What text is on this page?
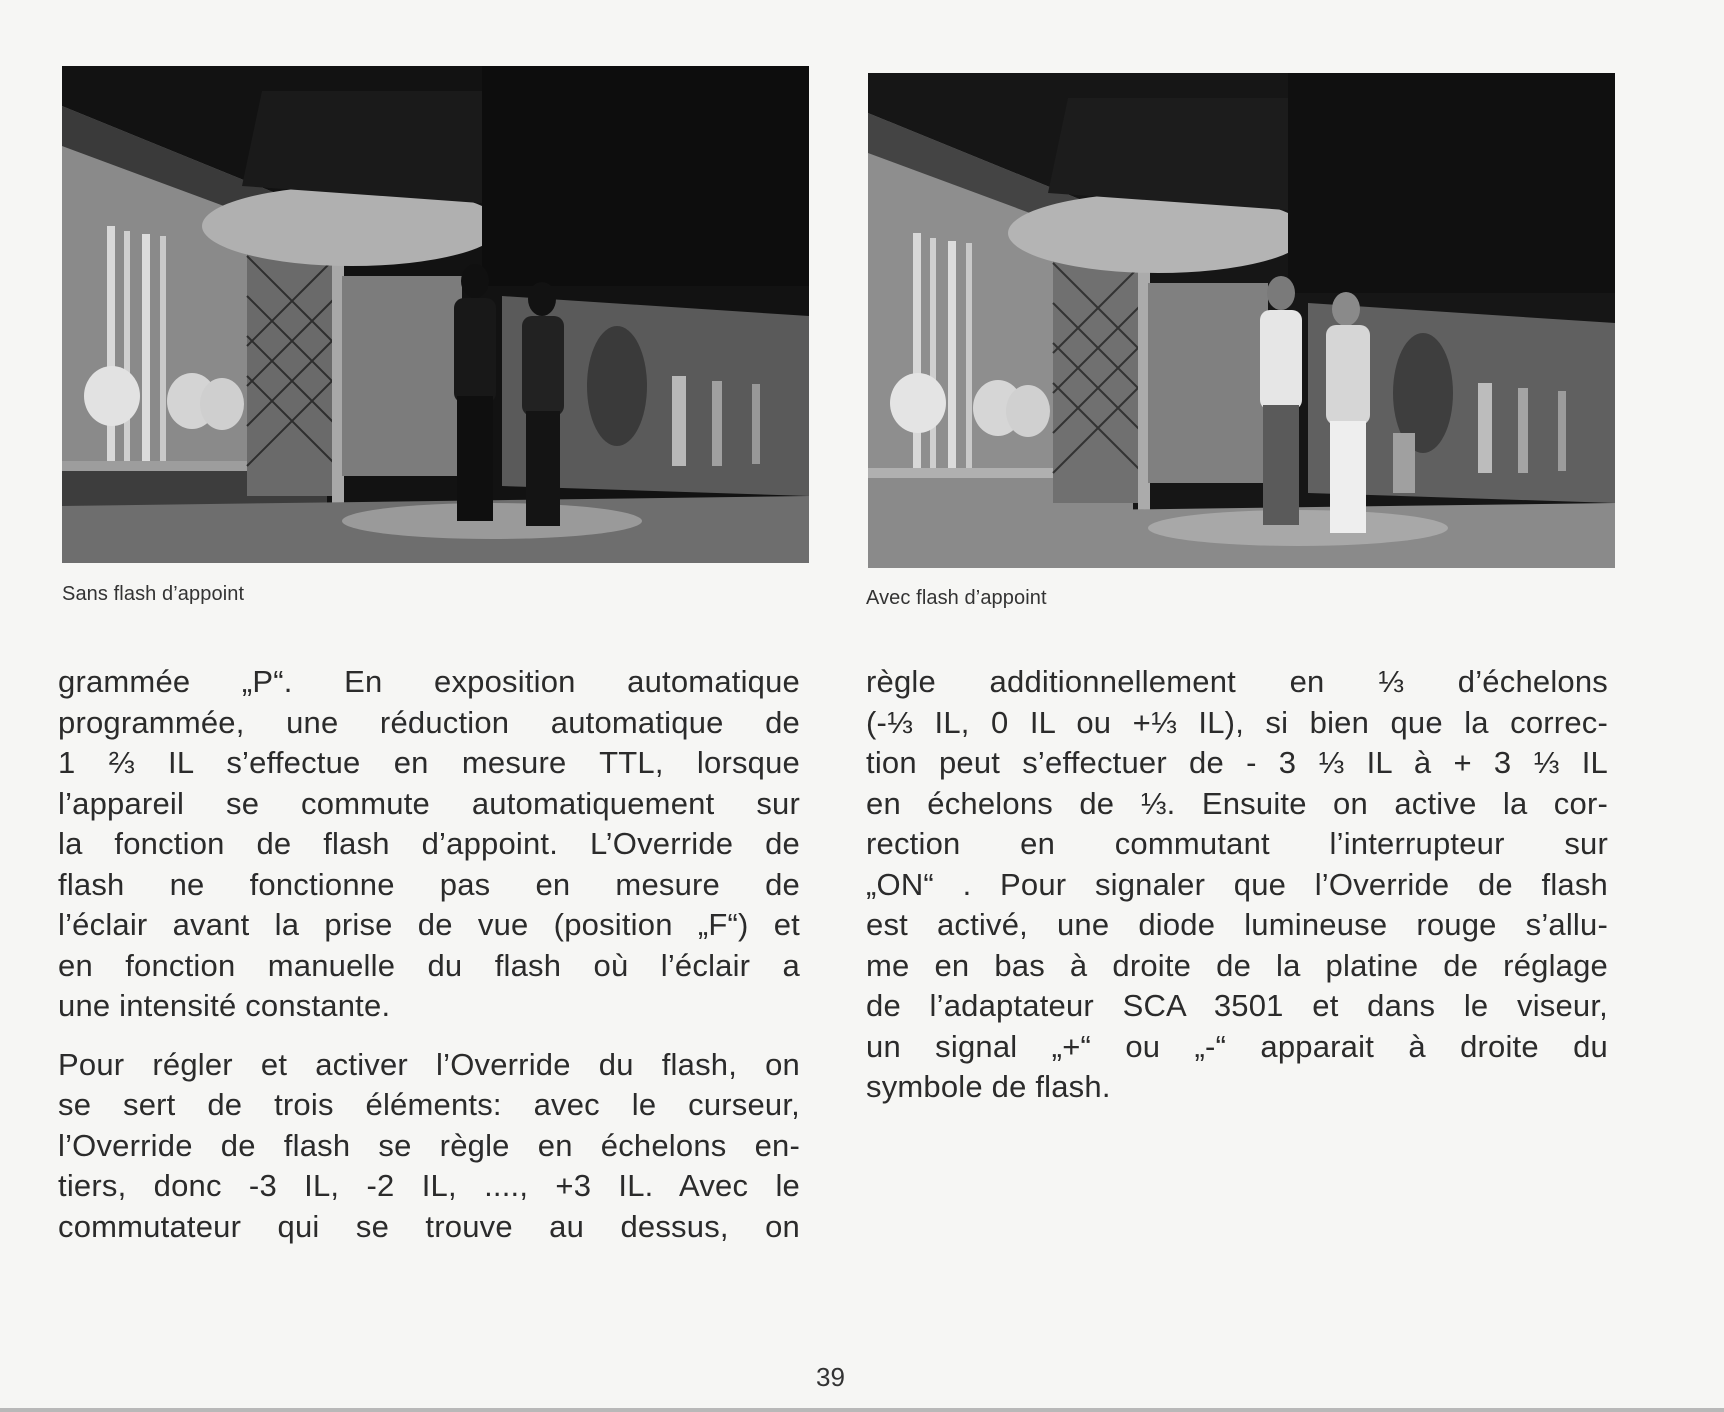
Sans flash d’appoint	Avec flash d’appoint

grammée „P“. En exposition automatique
programmée, une réduction automatique de
1 ⅔ IL s’effectue en mesure TTL, lorsque
l’appareil se commute automatiquement sur
la fonction de flash d’appoint. L’Override de
flash ne fonctionne pas en mesure de
l’éclair avant la prise de vue (position „F“) et
en fonction manuelle du flash où l’éclair a
une intensité constante.

Pour régler et activer l’Override du flash, on
se sert de trois éléments: avec le curseur,
l’Override de flash se règle en échelons en-
tiers, donc -3 IL, -2 IL, ...., +3 IL. Avec le
commutateur qui se trouve au dessus, on

règle additionnellement en ⅓ d’échelons
(-⅓ IL, 0 IL ou +⅓ IL), si bien que la correc-
tion peut s’effectuer de - 3 ⅓ IL à + 3 ⅓ IL
en échelons de ⅓. Ensuite on active la cor-
rection en commutant l’interrupteur sur
„ON“ . Pour signaler que l’Override de flash
est activé, une diode lumineuse rouge s’allu-
me en bas à droite de la platine de réglage
de l’adaptateur SCA 3501 et dans le viseur,
un signal „+“ ou „-“ apparait à droite du
symbole de flash.

39
